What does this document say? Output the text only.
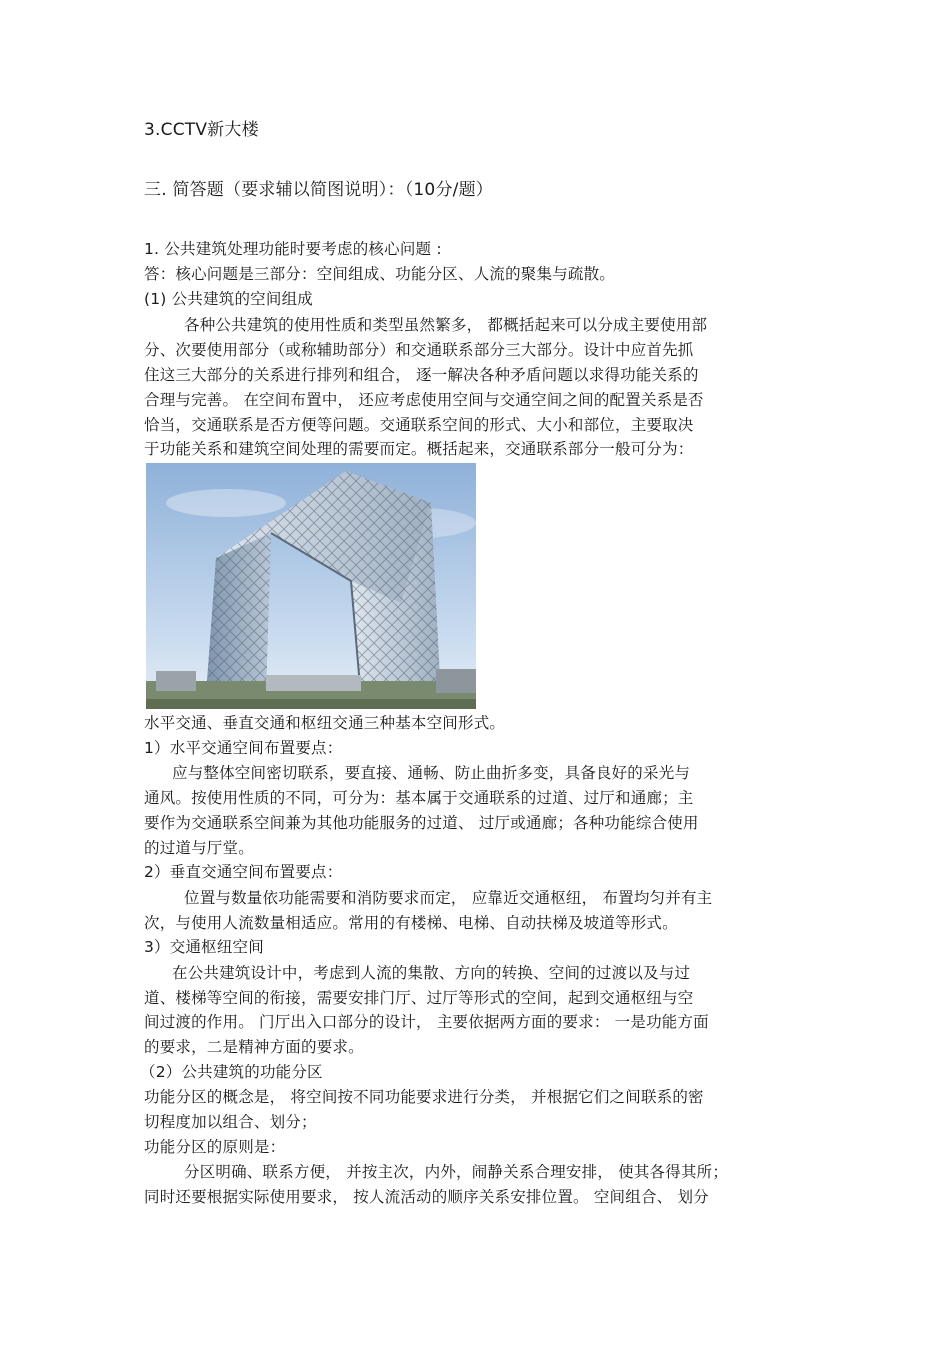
3.CCTV新大楼
三. 简答题（要求辅以简图说明）：（10分/题）
1. 公共建筑处理功能时要考虑的核心问题 :
答：核心问题是三部分：空间组成、功能分区、人流的聚集与疏散。
(1) 公共建筑的空间组成
各种公共建筑的使用性质和类型虽然繁多， 都概括起来可以分成主要使用部
分、次要使用部分（或称辅助部分）和交通联系部分三大部分。设计中应首先抓
住这三大部分的关系进行排列和组合， 逐一解决各种矛盾问题以求得功能关系的
合理与完善。 在空间布置中， 还应考虑使用空间与交通空间之间的配置关系是否
恰当，交通联系是否方便等问题。交通联系空间的形式、大小和部位，主要取决
于功能关系和建筑空间处理的需要而定。概括起来，交通联系部分一般可分为：
水平交通、垂直交通和枢纽交通三种基本空间形式。
1）水平交通空间布置要点：
应与整体空间密切联系，要直接、通畅、防止曲折多变，具备良好的采光与
通风。按使用性质的不同，可分为：基本属于交通联系的过道、过厅和通廊；主
要作为交通联系空间兼为其他功能服务的过道、 过厅或通廊；各种功能综合使用
的过道与厅堂。
2）垂直交通空间布置要点：
位置与数量依功能需要和消防要求而定， 应靠近交通枢纽， 布置均匀并有主
次，与使用人流数量相适应。常用的有楼梯、电梯、自动扶梯及坡道等形式。
3）交通枢纽空间
在公共建筑设计中，考虑到人流的集散、方向的转换、空间的过渡以及与过
道、楼梯等空间的衔接，需要安排门厅、过厅等形式的空间，起到交通枢纽与空
间过渡的作用。 门厅出入口部分的设计， 主要依据两方面的要求： 一是功能方面
的要求，二是精神方面的要求。
（2）公共建筑的功能分区
功能分区的概念是， 将空间按不同功能要求进行分类， 并根据它们之间联系的密
切程度加以组合、划分；
功能分区的原则是：
分区明确、联系方便， 并按主次，内外，闹静关系合理安排， 使其各得其所；
同时还要根据实际使用要求， 按人流活动的顺序关系安排位置。 空间组合、 划分
